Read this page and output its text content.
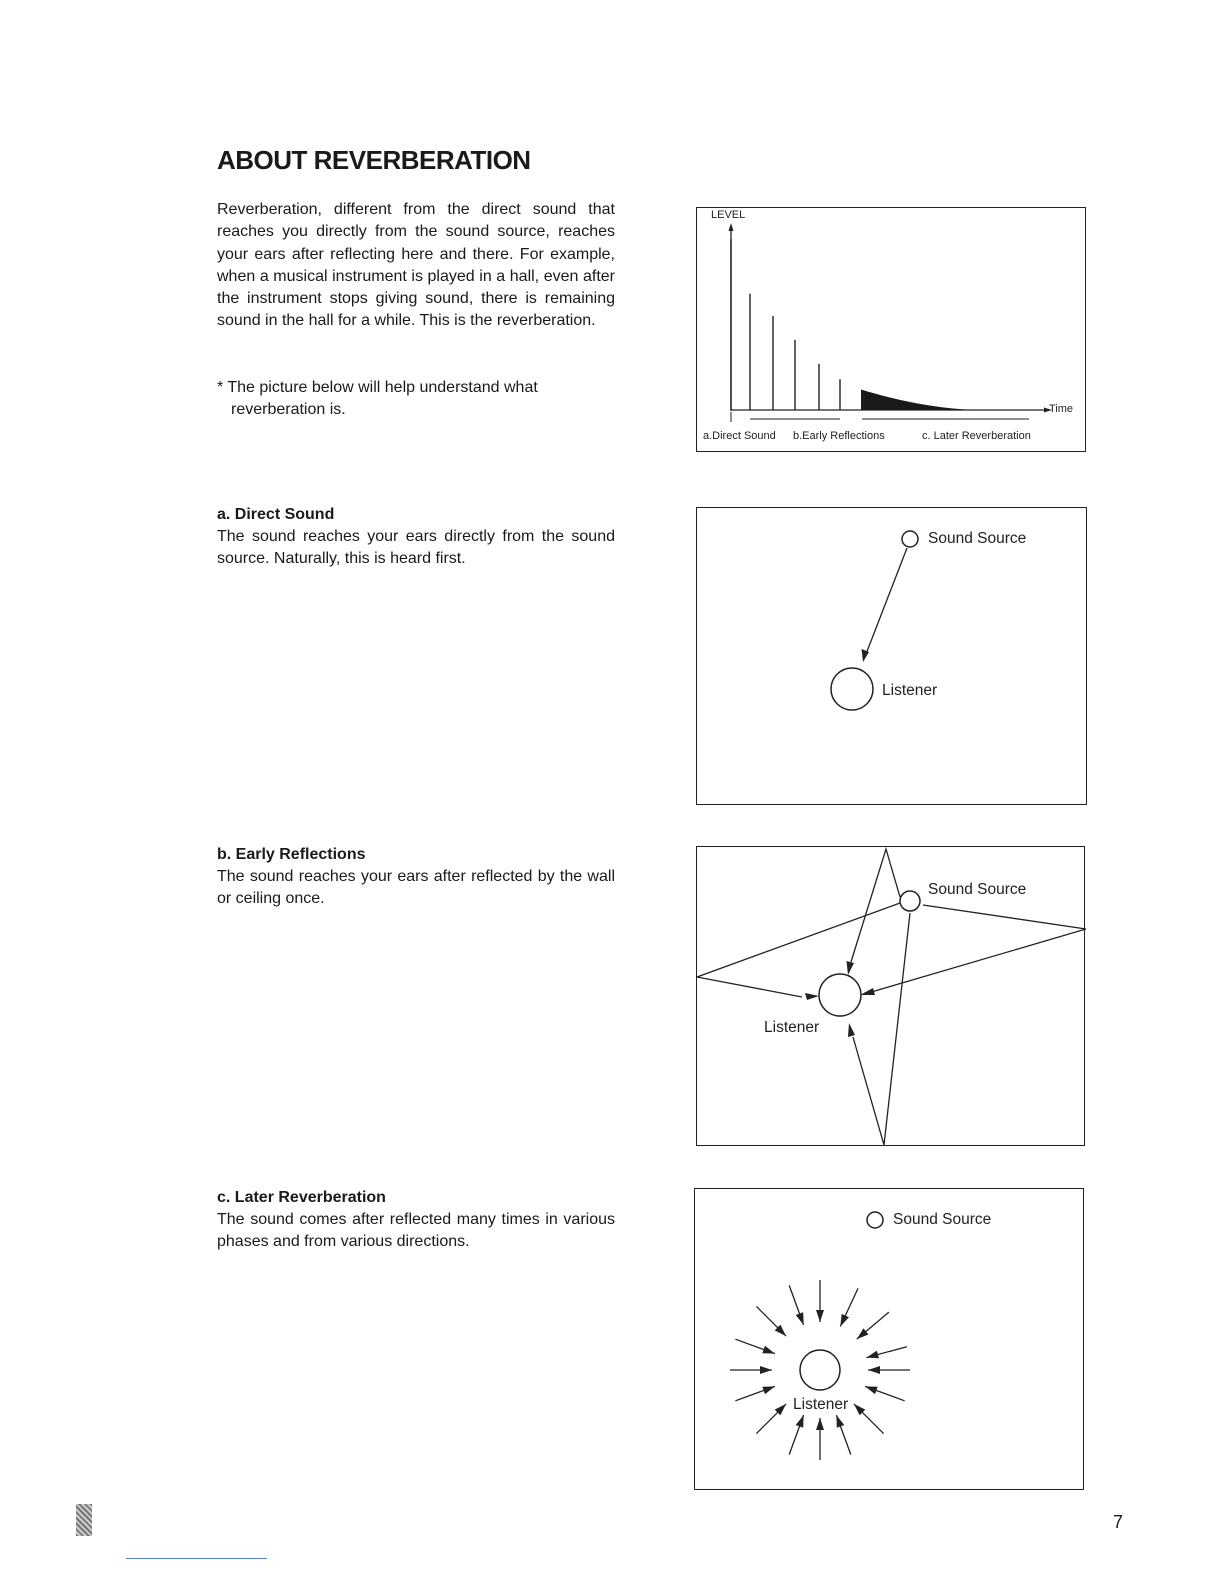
ABOUT REVERBERATION

Reverberation, different from the direct sound that reaches you directly from the sound source, reaches your ears after reflecting here and there. For example, when a musical instrument is played in a hall, even after the instrument stops giving sound, there is remaining sound in the hall for a while. This is the reverberation.

* The picture below will help understand what reverberation is.

a. Direct Sound

The sound reaches your ears directly from the sound source. Naturally, this is heard first.

b. Early Reflections

The sound reaches your ears after reflected by the wall or ceiling once.

c. Later Reverberation

The sound comes after reflected many times in various phases and from various directions.

LEVEL
Time
a.Direct Sound b.Early Reflections	c. Later Reverberation
Sound Source
Listener
Sound Source
Listener
Sound Source
Listener
7
